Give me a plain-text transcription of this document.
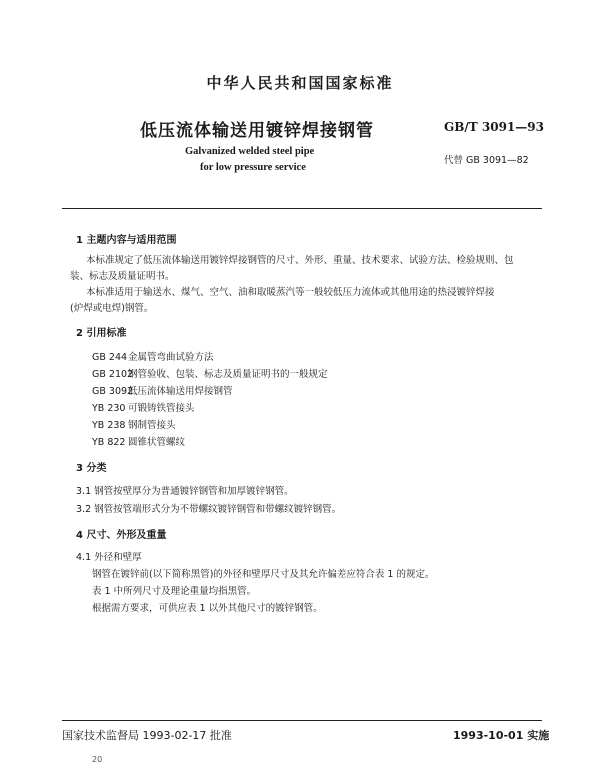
中华人民共和国国家标准
低压流体输送用镀锌焊接钢管	GB/T 3091—93
Galvanized welded steel pipe
for low pressure service
代替 GB 3091—82
1 主题内容与适用范围
本标准规定了低压流体输送用镀锌焊接钢管的尺寸、外形、重量、技术要求、试验方法、检验规则、包
装、标志及质量证明书。
本标准适用于输送水、煤气、空气、油和取暖蒸汽等一般较低压力流体或其他用途的热浸镀锌焊接
(炉焊或电焊)钢管。
2 引用标准
GB 244金属管弯曲试验方法
GB 2102钢管验收、包装、标志及质量证明书的一般规定
GB 3092低压流体输送用焊接钢管
YB 230 可锻铸铁管接头
YB 238 钢制管接头
YB 822 圆锥状管螺纹
3 分类
3.1 钢管按壁厚分为普通镀锌钢管和加厚镀锌钢管。
3.2 钢管按管端形式分为不带螺纹镀锌钢管和带螺纹镀锌钢管。
4 尺寸、外形及重量
4.1 外径和壁厚
钢管在镀锌前(以下简称黑管)的外径和壁厚尺寸及其允许偏差应符合表 1 的规定。
表 1 中所列尺寸及理论重量均指黑管。
根据需方要求，可供应表 1 以外其他尺寸的镀锌钢管。
国家技术监督局 1993-02-17 批准	1993-10-01 实施
20
